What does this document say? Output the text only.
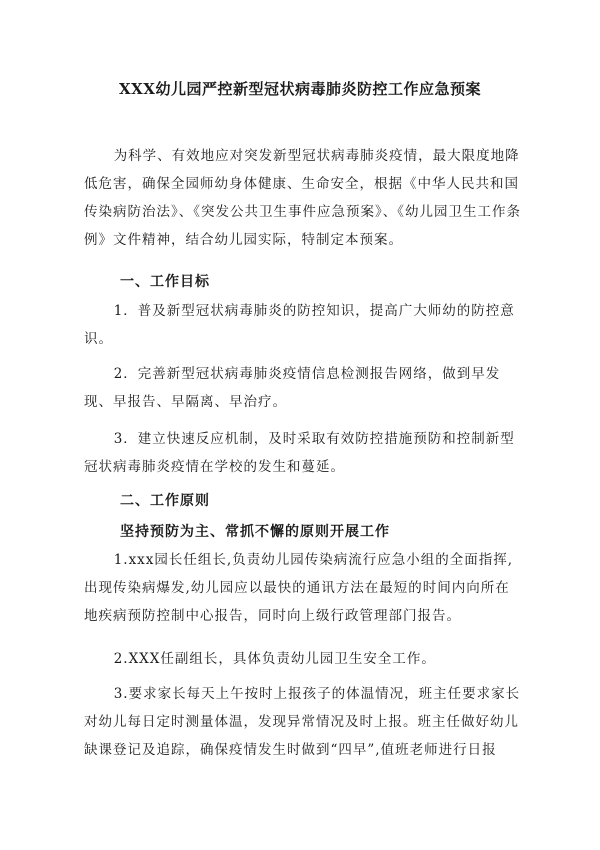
XXX幼儿园严控新型冠状病毒肺炎防控工作应急预案

为科学、有效地应对突发新型冠状病毒肺炎疫情，最大限度地降低危害，确保全园师幼身体健康、生命安全，根据《中华人民共和国传染病防治法》、《突发公共卫生事件应急预案》、《幼儿园卫生工作条例》文件精神，结合幼儿园实际，特制定本预案。

一、工作目标

1．普及新型冠状病毒肺炎的防控知识，提高广大师幼的防控意识。

2．完善新型冠状病毒肺炎疫情信息检测报告网络，做到早发现、早报告、早隔离、早治疗。

3．建立快速反应机制，及时采取有效防控措施预防和控制新型冠状病毒肺炎疫情在学校的发生和蔓延。

二、工作原则
坚持预防为主、常抓不懈的原则开展工作

1.xxx园长任组长,负责幼儿园传染病流行应急小组的全面指挥,出现传染病爆发,幼儿园应以最快的通讯方法在最短的时间内向所在地疾病预防控制中心报告，同时向上级行政管理部门报告。

2.XXX任副组长，具体负责幼儿园卫生安全工作。

3.要求家长每天上午按时上报孩子的体温情况，班主任要求家长对幼儿每日定时测量体温，发现异常情况及时上报。班主任做好幼儿缺课登记及追踪，确保疫情发生时做到“四早”,值班老师进行日报
